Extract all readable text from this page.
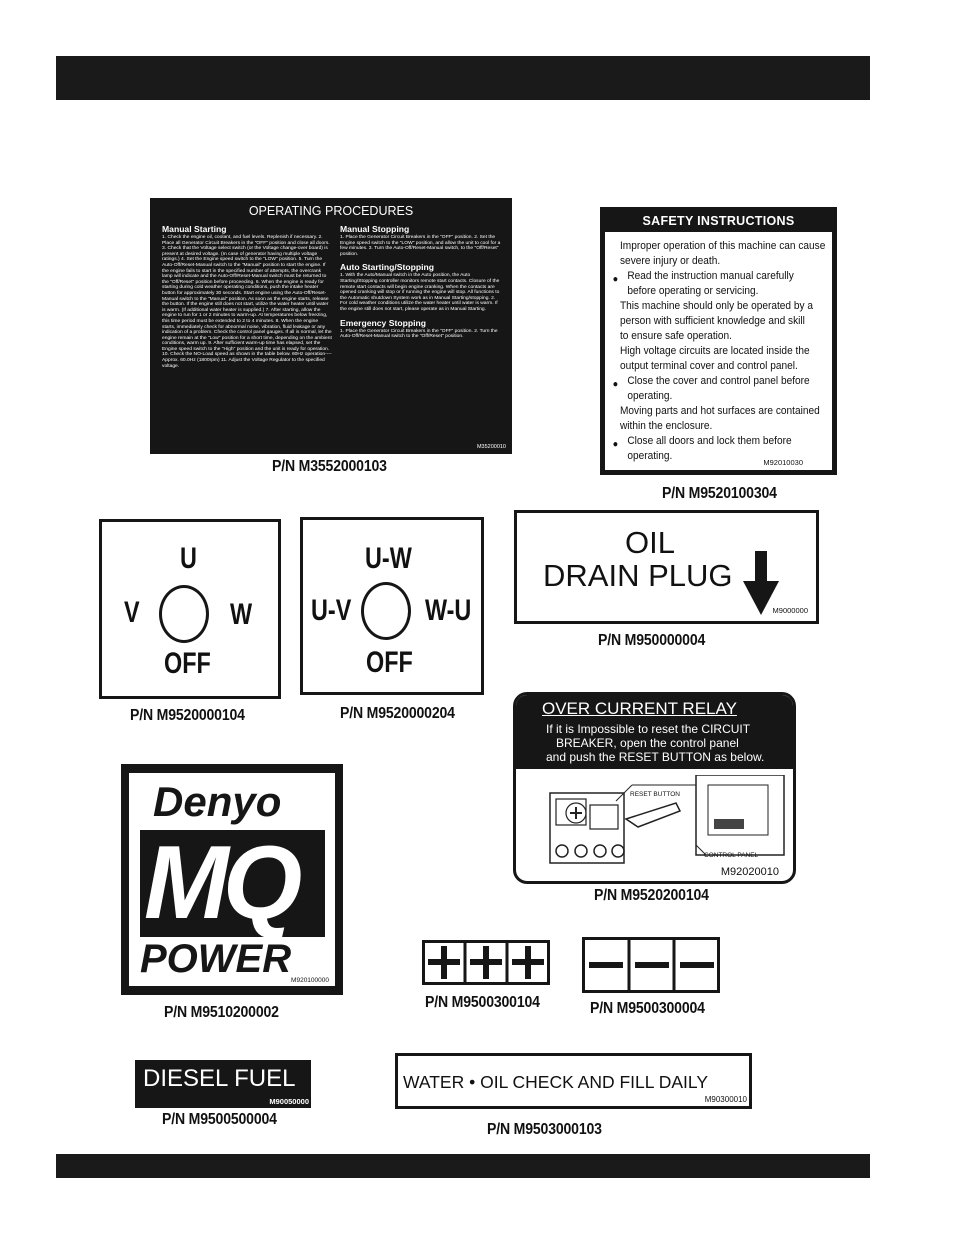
OPERATING PROCEDURES
Manual Starting
1. Check the engine oil, coolant, and fuel levels. Replenish if necessary. 2. Place all Generator Circuit Breakers in the "OFF" position and close all doors. 3. Check that the Voltage select switch (or the Voltage change-over board) is present at desired voltage. (In case of generator having multiple voltage ratings.) 4. Set the Engine speed switch to the "LOW" position. 5. Turn the Auto-Off/Reset-Manual switch to the "Manual" position to start the engine. If the engine fails to start in the specified number of attempts, the overcrank lamp will indicate and the Auto-Off/Reset-Manual switch must be returned to the "Off/Reset" position before proceeding. 6. When the engine is ready for starting during cold weather operating conditions, push the intake heater button for approximately 30 seconds. Start engine using the Auto-Off/Reset-Manual switch to the "Manual" position. As soon as the engine starts, release the button. If the engine still does not start, utilize the water heater until water is warm. (If additional water heater is supplied.) 7. After starting, allow the engine to run for 1 or 2 minutes to warm-up. At temperatures below freezing, this time period must be extended to 2 to 4 minutes. 8. When the engine starts, immediately check for abnormal noise, vibration, fluid leakage or any indication of a problem. Check the control panel gauges. If all is normal, let the engine remain at the "Low" position for a short time, depending on the ambient conditions, warm up. 9. After sufficient warm-up time has elapsed, set the Engine speed switch to the "High" position and the unit is ready for operation. 10. Check the NO-Load speed as shown in the table below. 60Hz operation----Approx. 60.0Hz (1800rpm) 11. Adjust the Voltage Regulator to the specified voltage.
Manual Stopping
1. Place the Generator Circuit Breakers in the "OFF" position. 2. Set the Engine speed switch to the "LOW" position, and allow the unit to cool for a few minutes. 3. Turn the Auto-Off/Reset-Manual switch, to the "Off/Reset" position.
Auto Starting/Stopping
1. With the Auto/Manual switch in the Auto position, the Auto Starting/Stopping controller monitors remote start contacts. Closure of the remote start contacts will begin engine cranking. When the contacts are opened cranking will stop or if running the engine will stop. All functions to the Automatic shutdown System work as in Manual Starting/stopping. 2. For cold weather conditions utilize the water heater until water is warm. If the engine still does not start, please operate as in Manual Starting.
Emergency Stopping
1. Place the Generator Circuit Breakers in the "OFF" position. 2. Turn the Auto-Off/Reset-Manual switch to the "Off/Reset" position.
M35200010
P/N M3552000103
SAFETY INSTRUCTIONS
Improper operation of this machine can cause
severe injury or death.
● Read the instruction manual carefully
before operating or servicing.
This machine should only be operated by a
person with sufficient knowledge and skill
to ensure safe operation.
High voltage circuits are located inside the
output terminal cover and control panel.
● Close the cover and control panel before
operating.
Moving parts and hot surfaces are contained
within the enclosure.
● Close all doors and lock them before
operating.
M92010030
P/N M9520100304
U
V	W
OFF
P/N M9520000104
U-W
U-V W-U
OFF
P/N M9520000204
OIL
DRAIN PLUG
M9000000
P/N M950000004
OVER CURRENT RELAY
If it is Impossible to reset the CIRCUIT
BREAKER, open the control panel
and push the RESET BUTTON as below.
RESET BUTTON
CONTROL PANEL
M92020010
P/N M9520200104
Denyo
MQ
POWER M920100000
P/N M9510200002
P/N M9500300104	P/N M9500300004
DIESEL FUEL
M90050000
P/N M9500500004
WATER • OIL CHECK AND FILL DAILY
M90300010
P/N M9503000103
